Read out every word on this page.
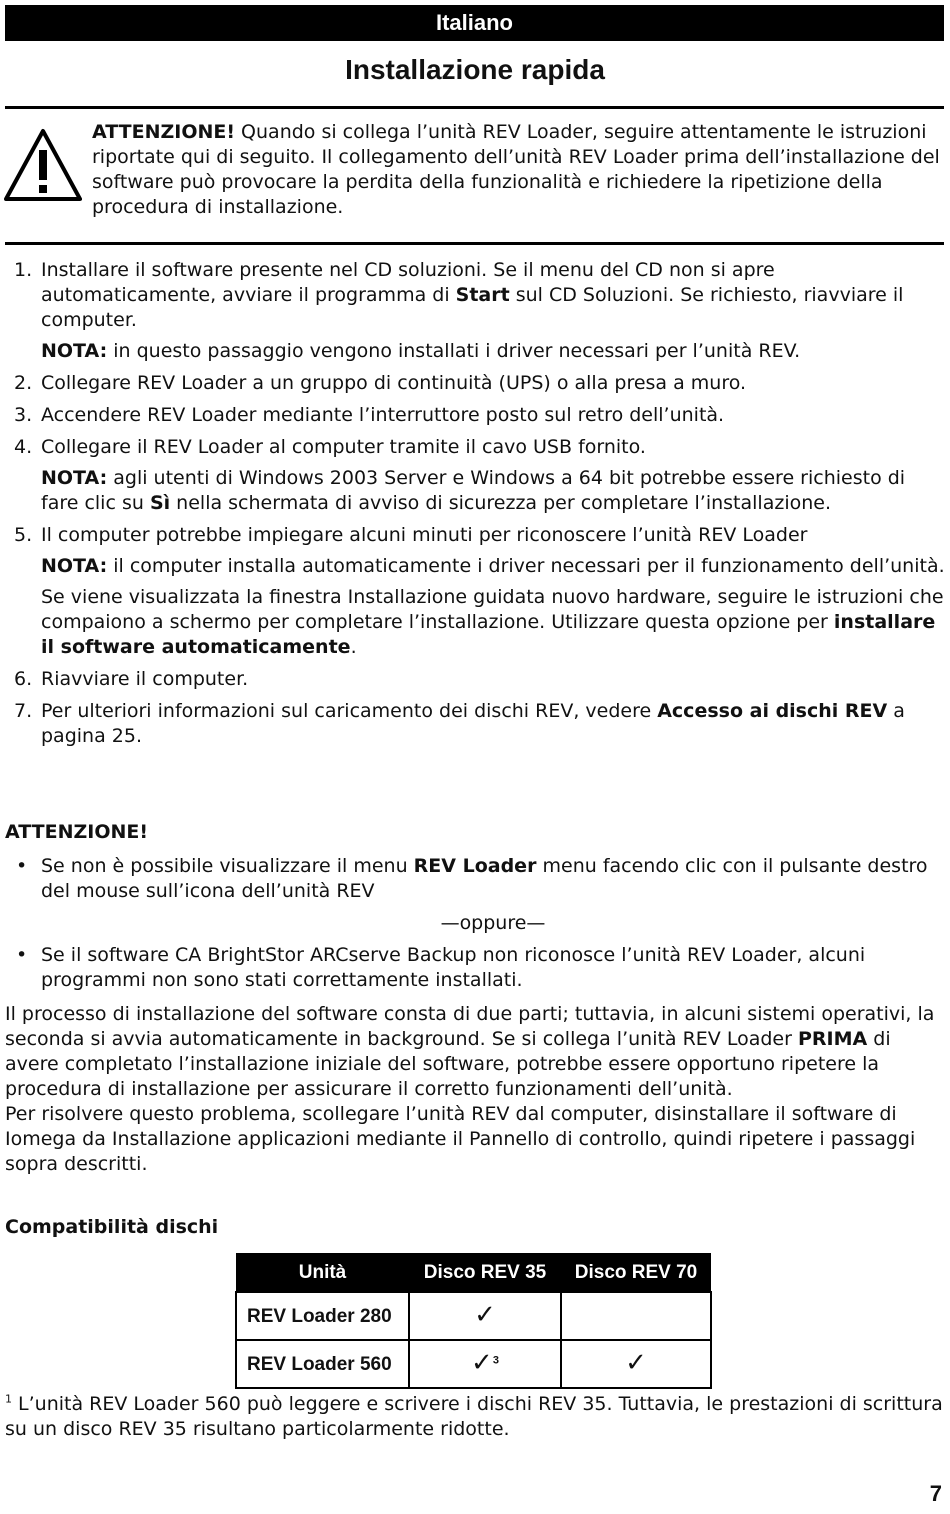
Italiano
Installazione rapida
ATTENZIONE! Quando si collega l’unità REV Loader, seguire attentamente le istruzioni riportate qui di seguito. Il collegamento dell’unità REV Loader prima dell’installazione del software può provocare la perdita della funzionalità e richiedere la ripetizione della procedura di installazione.
1. Installare il software presente nel CD soluzioni. Se il menu del CD non si apre automaticamente, avviare il programma di Start sul CD Soluzioni. Se richiesto, riavviare il computer.
NOTA: in questo passaggio vengono installati i driver necessari per l’unità REV.
2. Collegare REV Loader a un gruppo di continuità (UPS) o alla presa a muro.
3. Accendere REV Loader mediante l’interruttore posto sul retro dell’unità.
4. Collegare il REV Loader al computer tramite il cavo USB fornito.
NOTA: agli utenti di Windows 2003 Server e Windows a 64 bit potrebbe essere richiesto di fare clic su Sì nella schermata di avviso di sicurezza per completare l’installazione.
5. Il computer potrebbe impiegare alcuni minuti per riconoscere l’unità REV Loader
NOTA: il computer installa automaticamente i driver necessari per il funzionamento dell’unità.
Se viene visualizzata la finestra Installazione guidata nuovo hardware, seguire le istruzioni che compaiono a schermo per completare l’installazione. Utilizzare questa opzione per installare il software automaticamente.
6. Riavviare il computer.
7. Per ulteriori informazioni sul caricamento dei dischi REV, vedere Accesso ai dischi REV a pagina 25.
ATTENZIONE!
• Se non è possibile visualizzare il menu REV Loader menu facendo clic con il pulsante destro del mouse sull’icona dell’unità REV
—oppure—
• Se il software CA BrightStor ARCserve Backup non riconosce l’unità REV Loader, alcuni programmi non sono stati correttamente installati.
Il processo di installazione del software consta di due parti; tuttavia, in alcuni sistemi operativi, la seconda si avvia automaticamente in background. Se si collega l’unità REV Loader PRIMA di avere completato l’installazione iniziale del software, potrebbe essere opportuno ripetere la procedura di installazione per assicurare il corretto funzionamenti dell’unità.
Per risolvere questo problema, scollegare l’unità REV dal computer, disinstallare il software di Iomega da Installazione applicazioni mediante il Pannello di controllo, quindi ripetere i passaggi sopra descritti.
Compatibilità dischi
Unità	Disco REV 35	Disco REV 70
REV Loader 280	✓	
REV Loader 560	✓$^3$	✓
$^1$ L’unità REV Loader 560 può leggere e scrivere i dischi REV 35. Tuttavia, le prestazioni di scrittura su un disco REV 35 risultano particolarmente ridotte.
7
